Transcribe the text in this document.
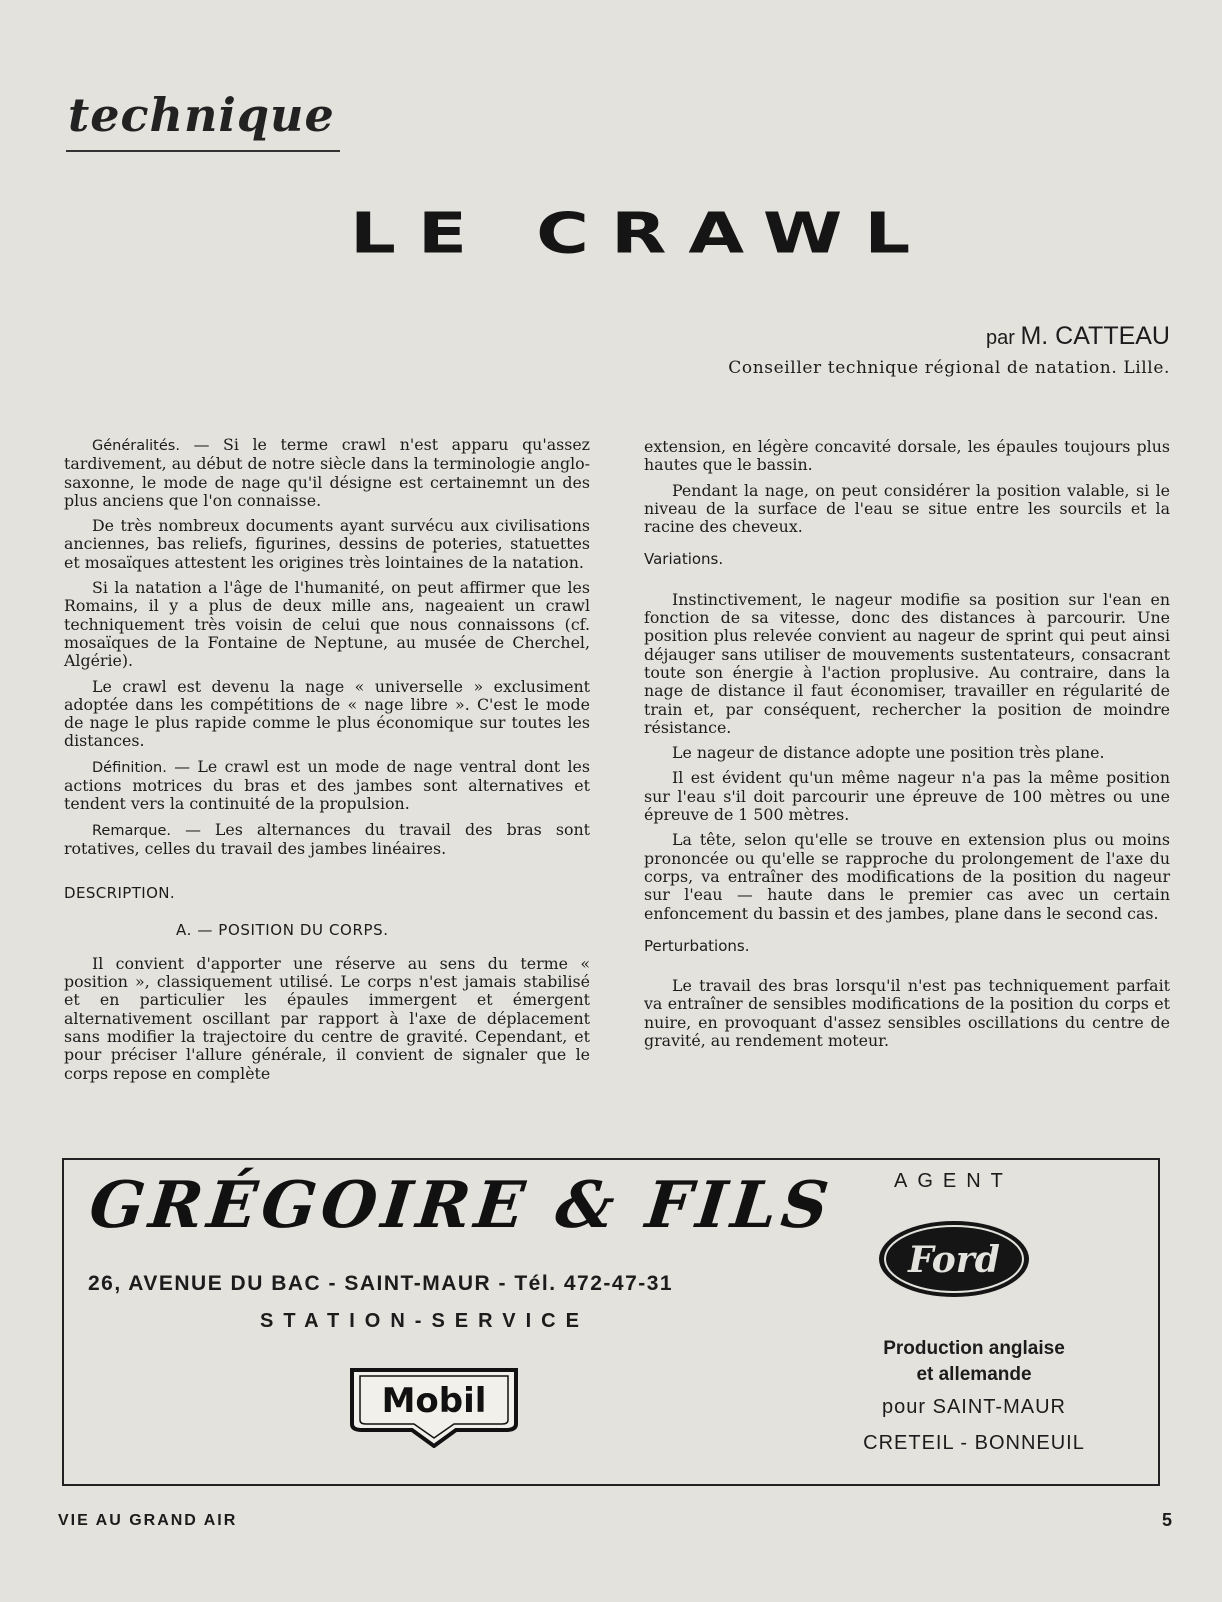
technique
LE CRAWL
par M. CATTEAU
Conseiller technique régional de natation. Lille.

Généralités. — Si le terme crawl n'est apparu qu'assez tardivement, au début de notre siècle dans la terminologie anglo-saxonne, le mode de nage qu'il désigne est certainemnt un des plus anciens que l'on connaisse.

De très nombreux documents ayant survécu aux civilisations anciennes, bas reliefs, figurines, dessins de poteries, statuettes et mosaïques attestent les origines très lointaines de la natation.

Si la natation a l'âge de l'humanité, on peut affirmer que les Romains, il y a plus de deux mille ans, nageaient un crawl techniquement très voisin de celui que nous connaissons (cf. mosaïques de la Fontaine de Neptune, au musée de Cherchel, Algérie).

Le crawl est devenu la nage « universelle » exclusiment adoptée dans les compétitions de « nage libre ». C'est le mode de nage le plus rapide comme le plus économique sur toutes les distances.

Définition. — Le crawl est un mode de nage ventral dont les actions motrices du bras et des jambes sont alternatives et tendent vers la continuité de la propulsion.

Remarque. — Les alternances du travail des bras sont rotatives, celles du travail des jambes linéaires.

DESCRIPTION.

A. — POSITION DU CORPS.

Il convient d'apporter une réserve au sens du terme « position », classiquement utilisé. Le corps n'est jamais stabilisé et en particulier les épaules immergent et émergent alternativement oscillant par rapport à l'axe de déplacement sans modifier la trajectoire du centre de gravité. Cependant, et pour préciser l'allure générale, il convient de signaler que le corps repose en complète

extension, en légère concavité dorsale, les épaules toujours plus hautes que le bassin.

Pendant la nage, on peut considérer la position valable, si le niveau de la surface de l'eau se situe entre les sourcils et la racine des cheveux.

Variations.

Instinctivement, le nageur modifie sa position sur l'ean en fonction de sa vitesse, donc des distances à parcourir. Une position plus relevée convient au nageur de sprint qui peut ainsi déjauger sans utiliser de mouvements sustentateurs, consacrant toute son énergie à l'action proplusive. Au contraire, dans la nage de distance il faut économiser, travailler en régularité de train et, par conséquent, rechercher la position de moindre résistance.

Le nageur de distance adopte une position très plane.

Il est évident qu'un même nageur n'a pas la même position sur l'eau s'il doit parcourir une épreuve de 100 mètres ou une épreuve de 1 500 mètres.

La tête, selon qu'elle se trouve en extension plus ou moins prononcée ou qu'elle se rapproche du prolongement de l'axe du corps, va entraîner des modifications de la position du nageur sur l'eau — haute dans le premier cas avec un certain enfoncement du bassin et des jambes, plane dans le second cas.

Perturbations.

Le travail des bras lorsqu'il n'est pas techniquement parfait va entraîner de sensibles modifications de la position du corps et nuire, en provoquant d'assez sensibles oscillations du centre de gravité, au rendement moteur.

GRÉGOIRE & FILS
26, AVENUE DU BAC - SAINT-MAUR - Tél. 472-47-31
STATION-SERVICE
Mobil
AGENT
Ford
Production anglaise
et allemande
pour SAINT-MAUR
CRETEIL - BONNEUIL
VIE AU GRAND AIR	5
